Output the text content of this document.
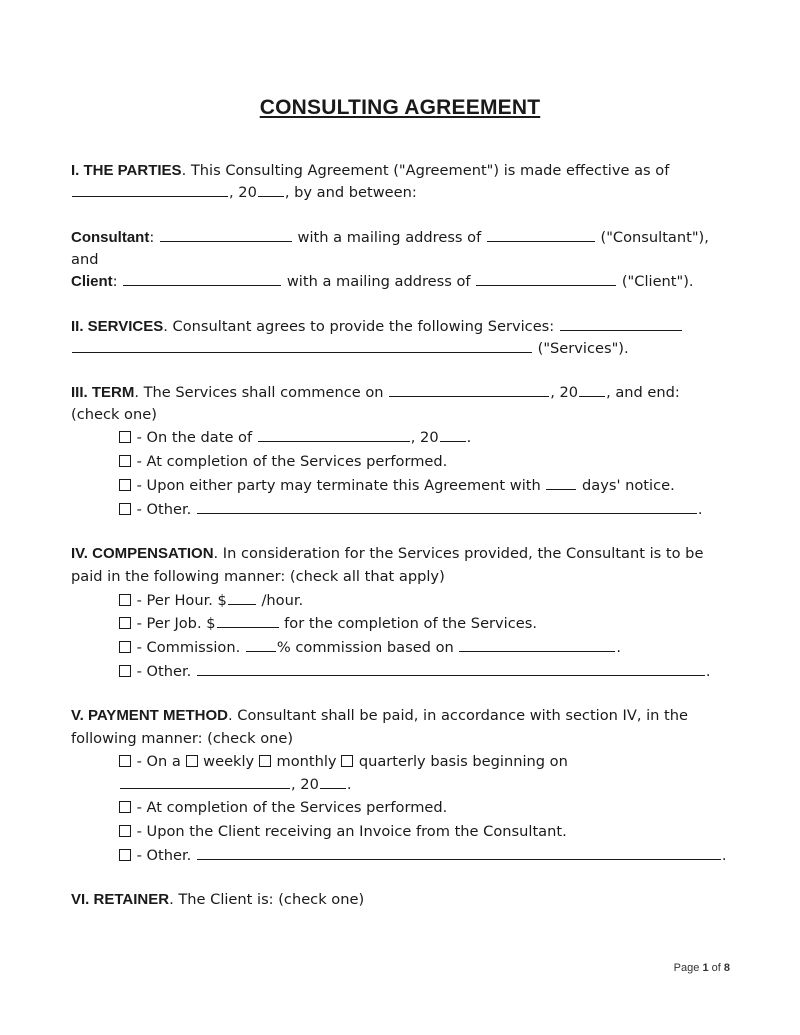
CONSULTING AGREEMENT
I. THE PARTIES. This Consulting Agreement ("Agreement") is made effective as of
, 20 , by and between:
Consultant:	with a mailing address of	("Consultant"),
and
Client:	with a mailing address of	("Client").
II. SERVICES. Consultant agrees to provide the following Services:
("Services").
III. TERM. The Services shall commence on	, 20 , and end:
(check one)
- On the date of	, 20 .
- At completion of the Services performed.
- Upon either party may terminate this Agreement with	days' notice.
- Other.	.
IV. COMPENSATION. In consideration for the Services provided, the Consultant is to be
paid in the following manner: (check all that apply)
- Per Hour. $ /hour.
- Per Job. $	for the completion of the Services.
- Commission.	% commission based on	.
- Other.	.
V. PAYMENT METHOD. Consultant shall be paid, in accordance with section IV, in the
following manner: (check one)
- On a weekly monthly quarterly basis beginning on
, 20 .
- At completion of the Services performed.
- Upon the Client receiving an Invoice from the Consultant.
- Other.	.
VI. RETAINER. The Client is: (check one)
Page 1 of 8
